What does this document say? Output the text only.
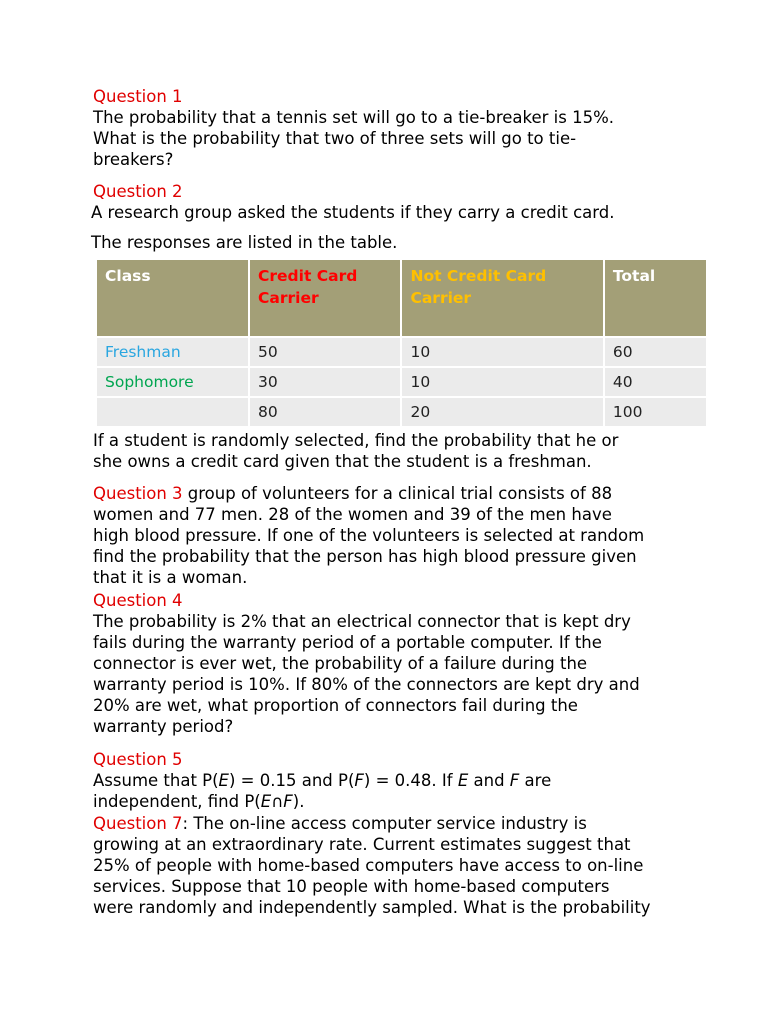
Question 1
The probability that a tennis set will go to a tie-breaker is 15%.
What is the probability that two of three sets will go to tie-
breakers?
Question 2
A research group asked the students if they carry a credit card.
The responses are listed in the table.
Class	Credit Card Carrier	Not Credit Card Carrier	Total
Freshman	50	10	60
Sophomore	30	10	40
	80	20	100
If a student is randomly selected, find the probability that he or
she owns a credit card given that the student is a freshman.
Question 3 group of volunteers for a clinical trial consists of 88
women and 77 men. 28 of the women and 39 of the men have
high blood pressure. If one of the volunteers is selected at random
find the probability that the person has high blood pressure given
that it is a woman.
Question 4
The probability is 2% that an electrical connector that is kept dry
fails during the warranty period of a portable computer. If the
connector is ever wet, the probability of a failure during the
warranty period is 10%. If 80% of the connectors are kept dry and
20% are wet, what proportion of connectors fail during the
warranty period?
Question 5
Assume that P(E) = 0.15 and P(F) = 0.48. If E and F are
independent, find P(E∩F).
Question 7: The on-line access computer service industry is
growing at an extraordinary rate. Current estimates suggest that
25% of people with home-based computers have access to on-line
services. Suppose that 10 people with home-based computers
were randomly and independently sampled. What is the probability
